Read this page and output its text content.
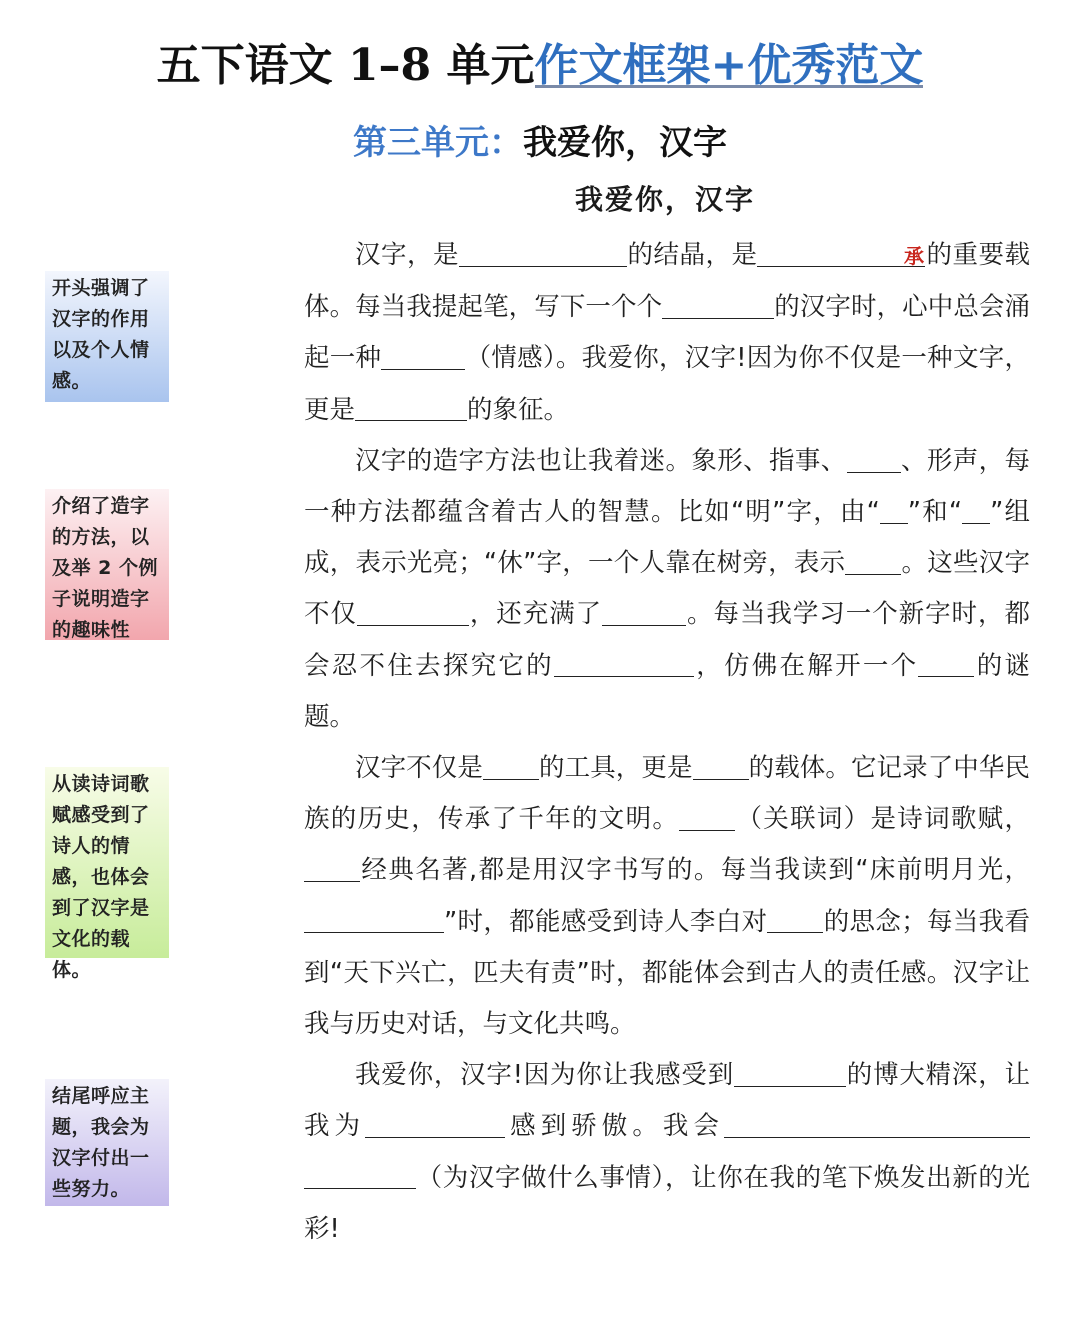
五下语文 1–8 单元作文框架+优秀范文
第三单元：我爱你，汉字
我爱你，汉字

汉字，是	的结晶，是	承的重要载体。每当我提起笔，写下一个个	的汉字时，心中总会涌起一种	（情感）。我爱你，汉字!因为你不仅是一种文字，更是	的象征。

汉字的造字方法也让我着迷。象形、指事、 、形声，每一种方法都蕴含着古人的智慧。比如“明”字，由“ ”和“ ”组成，表示光亮；“休”字，一个人靠在树旁，表示 。这些汉字不仅	，还充满了	。每当我学习一个新字时，都会忍不住去探究它的	，仿佛在解开一个 的谜题。

汉字不仅是 的工具，更是 的载体。它记录了中华民族的历史，传承了千年的文明。 （关联词）是诗词歌赋，经典名著,都是用汉字书写的。每当我读到“床前明月光，”时，都能感受到诗人李白对 的思念；每当我看到“天下兴亡，匹夫有责”时，都能体会到古人的责任感。汉字让我与历史对话，与文化共鸣。

我爱你，汉字!因为你让我感受到	的博大精深，让我为	感到骄傲。我会（为汉字做什么事情），让你在我的笔下焕发出新的光彩!

开头强调了汉字的作用以及个人情感。
介绍了造字的方法，以及举 2 个例子说明造字的趣味性
从读诗词歌赋感受到了诗人的情感，也体会到了汉字是文化的载体。
结尾呼应主题，我会为汉字付出一些努力。
